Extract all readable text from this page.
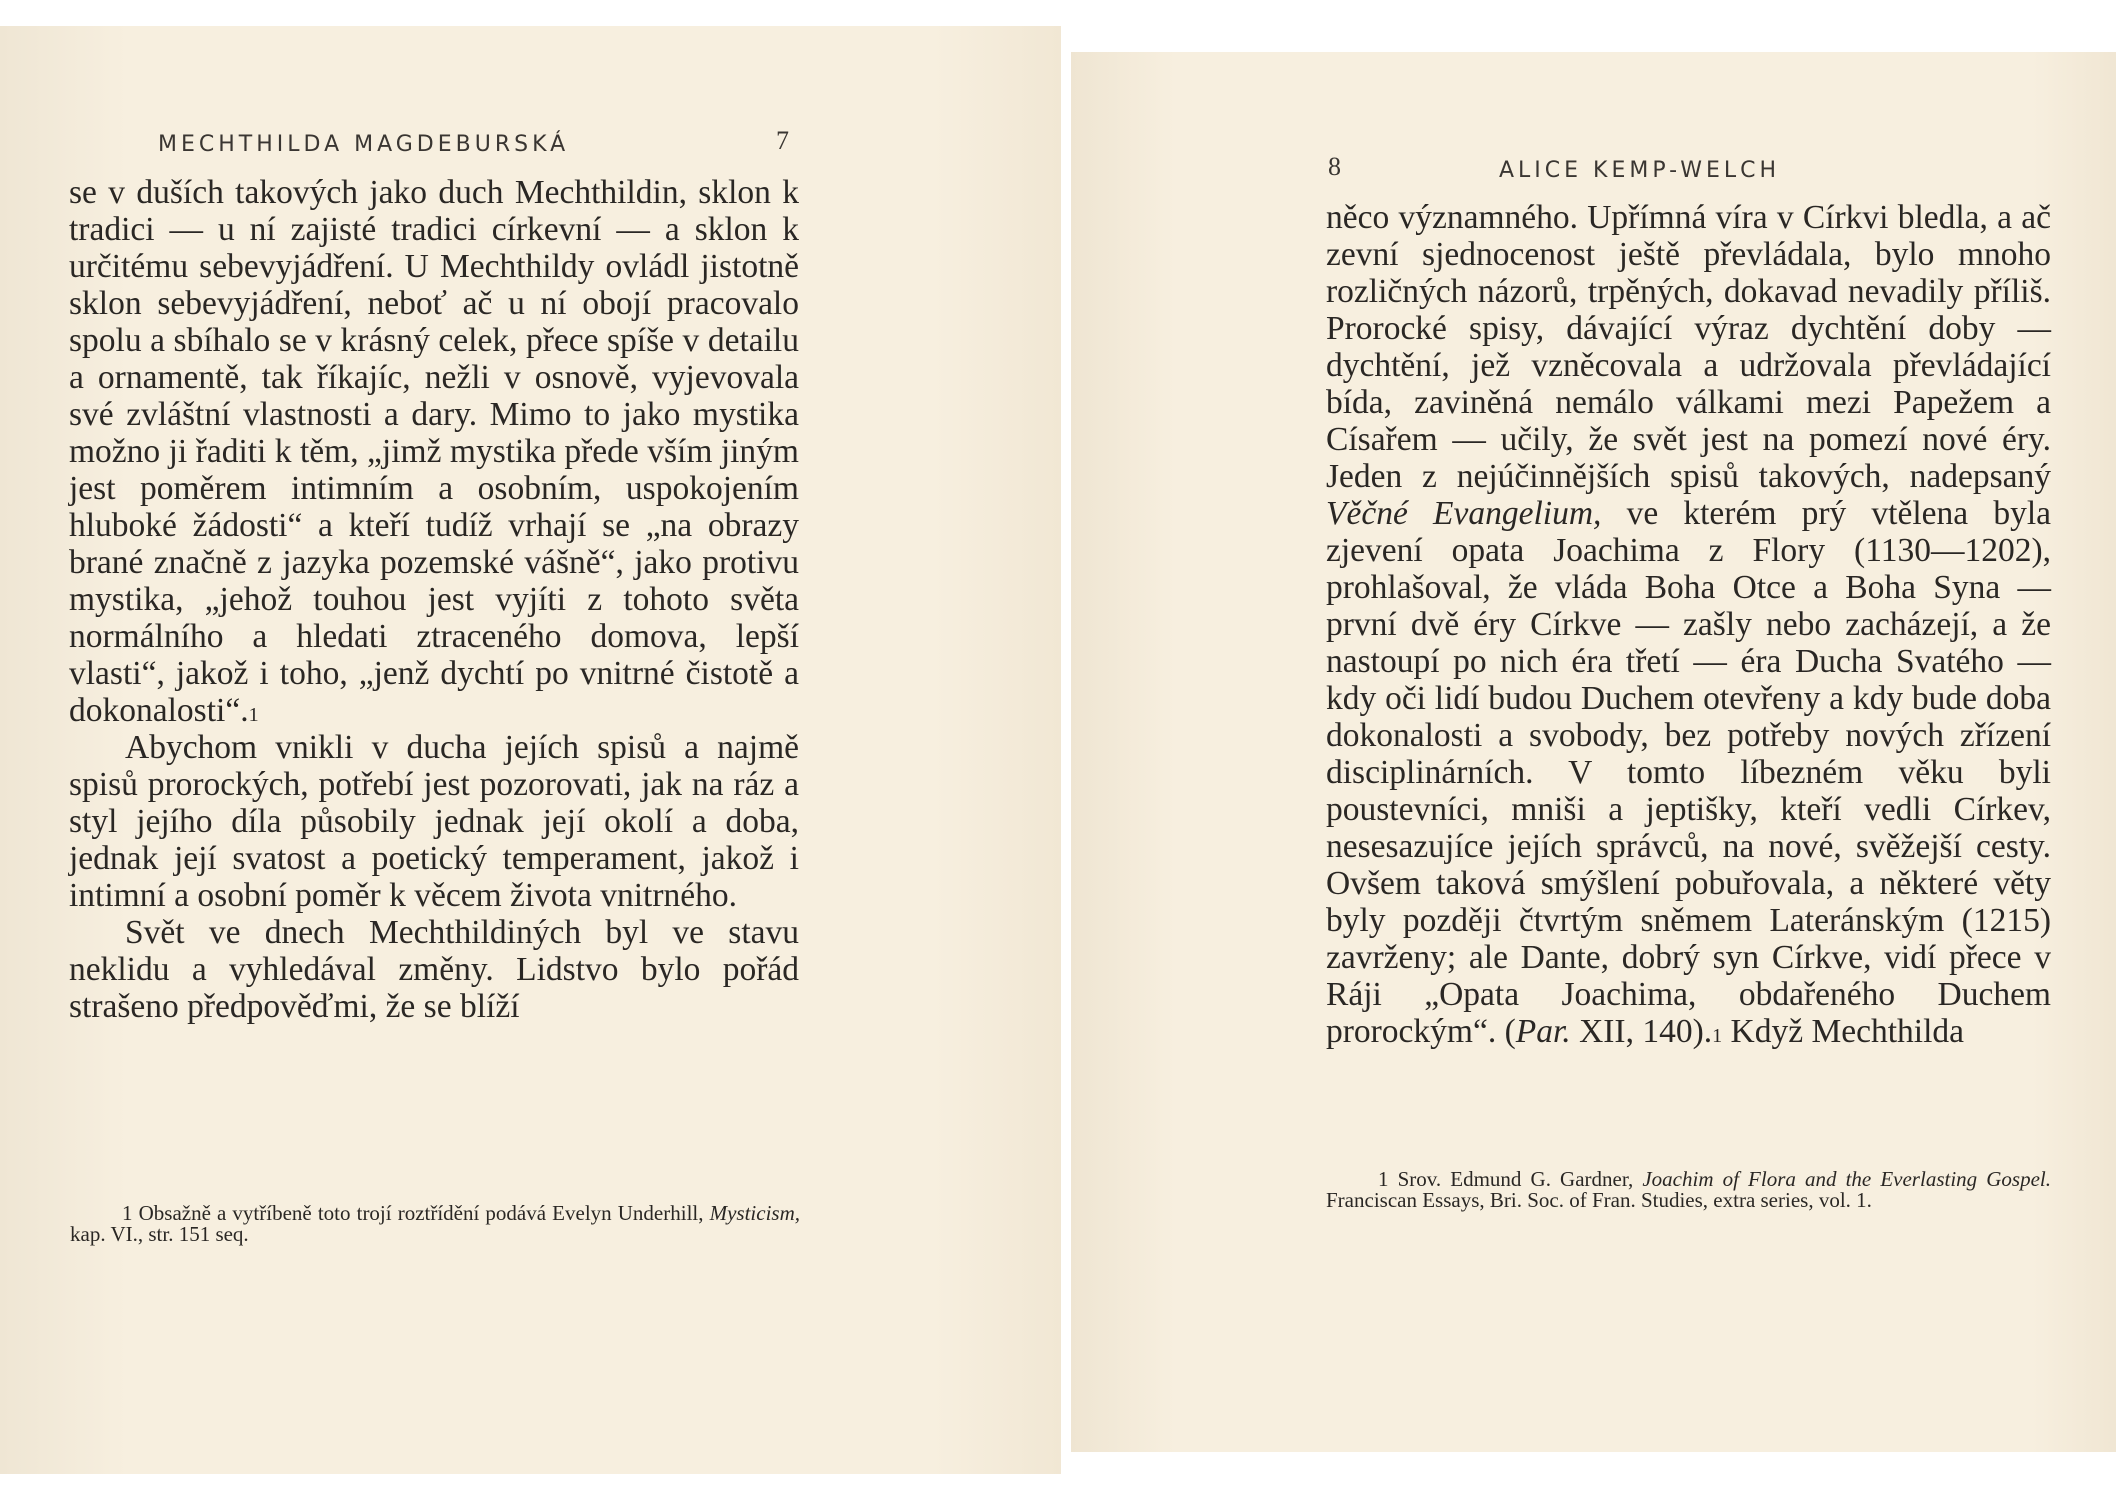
MECHTHILDA MAGDEBURSKÁ	7

se v duších takových jako duch Mechthildin, sklon k tradici — u ní zajisté tradici církevní — a sklon k určitému sebevyjádření. U Mechthildy ovládl jistotně sklon sebevyjádření, neboť ač u ní obojí pracovalo spolu a sbíhalo se v krásný celek, přece spíše v detailu a ornamentě, tak říkajíc, nežli v osnově, vyjevovala své zvláštní vlastnosti a dary. Mimo to jako mystika možno ji řaditi k těm, „jimž mystika přede vším jiným jest poměrem intimním a osobním, uspokojením hluboké žádosti“ a kteří tudíž vrhají se „na obrazy brané značně z jazyka pozemské vášně“, jako protivu mystika, „jehož touhou jest vyjíti z tohoto světa normálního a hledati ztraceného domova, lepší vlasti“, jakož i toho, „jenž dychtí po vnitrné čistotě a dokonalosti“.$^1$

Abychom vnikli v ducha jejích spisů a najmě spisů prorockých, potřebí jest pozorovati, jak na ráz a styl jejího díla působily jednak její okolí a doba, jednak její svatost a poetický temperament, jakož i intimní a osobní poměr k věcem života vnitrného.

Svět ve dnech Mechthildiných byl ve stavu neklidu a vyhledával změny. Lidstvo bylo pořád strašeno předpověďmi, že se blíží

1 Obsažně a vytříbeně toto trojí roztřídění podává Evelyn Underhill, Mysticism, kap. VI., str. 151 seq.
8	ALICE KEMP-WELCH

něco významného. Upřímná víra v Církvi bledla, a ač zevní sjednocenost ještě převládala, bylo mnoho rozličných názorů, trpěných, dokavad nevadily příliš. Prorocké spisy, dávající výraz dychtění doby — dychtění, jež vzněcovala a udržovala převládající bída, zaviněná nemálo válkami mezi Papežem a Císařem — učily, že svět jest na pomezí nové éry. Jeden z nejúčinnějších spisů takových, nadepsaný Věčné Evangelium, ve kterém prý vtělena byla zjevení opata Joachima z Flory (1130—1202), prohlašoval, že vláda Boha Otce a Boha Syna — první dvě éry Církve — zašly nebo zacházejí, a že nastoupí po nich éra třetí — éra Ducha Svatého — kdy oči lidí budou Duchem otevřeny a kdy bude doba dokonalosti a svobody, bez potřeby nových zřízení disciplinárních. V tomto líbezném věku byli poustevníci, mniši a jeptišky, kteří vedli Církev, nesesazujíce jejích správců, na nové, svěžejší cesty. Ovšem taková smýšlení pobuřovala, a některé věty byly později čtvrtým sněmem Lateránským (1215) zavrženy; ale Dante, dobrý syn Církve, vidí přece v Ráji „Opata Joachima, obdařeného Duchem prorockým“. (Par. XII, 140).$^1$ Když Mechthilda

1 Srov. Edmund G. Gardner, Joachim of Flora and the Everlasting Gospel. Franciscan Essays, Bri. Soc. of Fran. Studies, extra series, vol. 1.
